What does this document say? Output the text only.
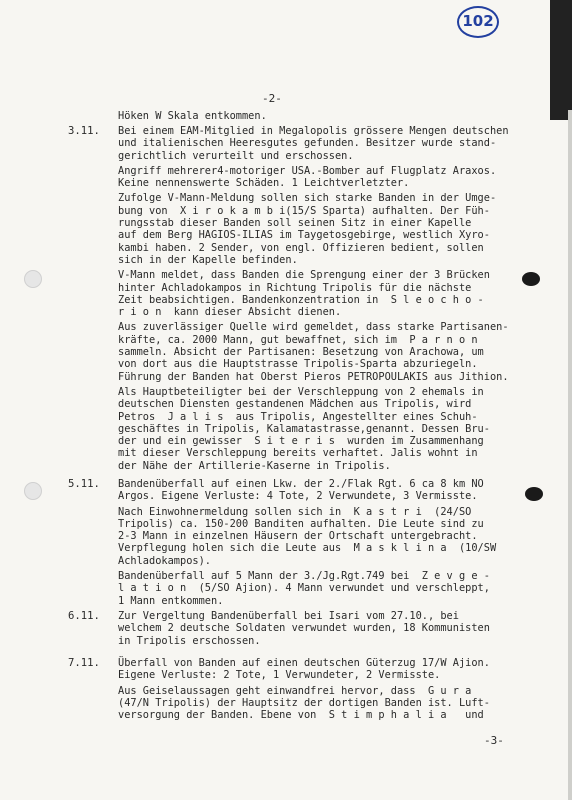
102
-2-

Höken W Skala entkommen.

3.11. Bei einem EAM-Mitglied in Megalopolis grössere Mengen deutschen
und italienischen Heeresgutes gefunden. Besitzer wurde stand-
gerichtlich verurteilt und erschossen.

Angriff mehrerer4-motoriger USA.-Bomber auf Flugplatz Araxos.
Keine nennenswerte Schäden. 1 Leichtverletzter.

Zufolge V-Mann-Meldung sollen sich starke Banden in der Umge-
bung von  X i r o k a m b i(15/S Sparta) aufhalten. Der Füh-
rungsstab dieser Banden soll seinen Sitz in einer Kapelle
auf dem Berg HAGIOS-ILIAS im Taygetosgebirge, westlich Xyro-
kambi haben. 2 Sender, von engl. Offizieren bedient, sollen
sich in der Kapelle befinden.

V-Mann meldet, dass Banden die Sprengung einer der 3 Brücken
hinter Achladokampos in Richtung Tripolis für die nächste
Zeit beabsichtigen. Bandenkonzentration in  S l e o c h o -
r i o n  kann dieser Absicht dienen.

Aus zuverlässiger Quelle wird gemeldet, dass starke Partisanen-
kräfte, ca. 2000 Mann, gut bewaffnet, sich im  P a r n o n
sammeln. Absicht der Partisanen: Besetzung von Arachowa, um
von dort aus die Hauptstrasse Tripolis-Sparta abzuriegeln.
Führung der Banden hat Oberst Pieros PETROPOULAKIS aus Jithion.

Als Hauptbeteiligter bei der Verschleppung von 2 ehemals in
deutschen Diensten gestandenen Mädchen aus Tripolis, wird
Petros  J a l i s  aus Tripolis, Angestellter eines Schuh-
geschäftes in Tripolis, Kalamatastrasse,genannt. Dessen Bru-
der und ein gewisser  S i t e r i s  wurden im Zusammenhang
mit dieser Verschleppung bereits verhaftet. Jalis wohnt in
der Nähe der Artillerie-Kaserne in Tripolis.

5.11. Bandenüberfall auf einen Lkw. der 2./Flak Rgt. 6 ca 8 km NO
Argos. Eigene Verluste: 4 Tote, 2 Verwundete, 3 Vermisste.

Nach Einwohnermeldung sollen sich in  K a s t r i  (24/SO
Tripolis) ca. 150-200 Banditen aufhalten. Die Leute sind zu
2-3 Mann in einzelnen Häusern der Ortschaft untergebracht.
Verpflegung holen sich die Leute aus  M a s k l i n a  (10/SW
Achladokampos).

Bandenüberfall auf 5 Mann der 3./Jg.Rgt.749 bei  Z e v g e -
l a t i o n  (5/SO Ajion). 4 Mann verwundet und verschleppt,
1 Mann entkommen.

6.11. Zur Vergeltung Bandenüberfall bei Isari vom 27.10., bei
welchem 2 deutsche Soldaten verwundet wurden, 18 Kommunisten
in Tripolis erschossen.

7.11. Überfall von Banden auf einen deutschen Güterzug 17/W Ajion.
Eigene Verluste: 2 Tote, 1 Verwundeter, 2 Vermisste.

Aus Geiselaussagen geht einwandfrei hervor, dass  G u r a
(47/N Tripolis) der Hauptsitz der dortigen Banden ist. Luft-
versorgung der Banden. Ebene von  S t i m p h a l i a   und

-3-
